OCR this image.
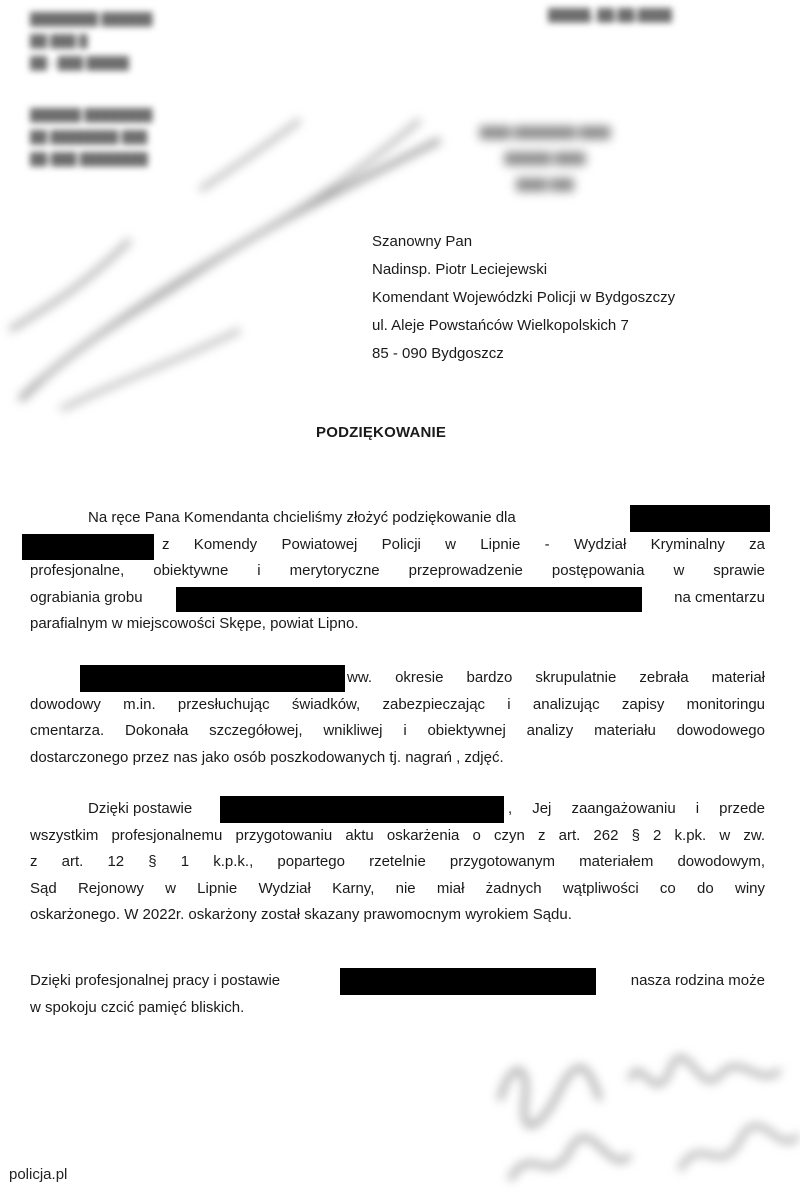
████████ ██████
██ ███ █
██ - ███ █████
██████ ████████
██ ████████ ███
██-███ ████████
█████, ██.██.████
████ ████████ ████
██████ ████
████ ███
Szanowny Pan
Nadinsp. Piotr Leciejewski
Komendant Wojewódzki Policji w Bydgoszczy
ul. Aleje Powstańców Wielkopolskich 7
85 - 090 Bydgoszcz
PODZIĘKOWANIE
Na ręce Pana Komendanta chcieliśmy złożyć podziękowanie dla
z Komendy Powiatowej Policji w Lipnie - Wydział Kryminalny za
profesjonalne, obiektywne i merytoryczne przeprowadzenie postępowania w sprawie
ograbiania grobu	na cmentarzu
parafialnym w miejscowości Skępe, powiat Lipno.
ww. okresie bardzo skrupulatnie zebrała materiał
dowodowy m.in. przesłuchując świadków, zabezpieczając i analizując zapisy monitoringu
cmentarza. Dokonała szczegółowej, wnikliwej i obiektywnej analizy materiału dowodowego
dostarczonego przez nas jako osób poszkodowanych tj. nagrań , zdjęć.
Dzięki postawie	, Jej zaangażowaniu i przede
wszystkim profesjonalnemu przygotowaniu aktu oskarżenia o czyn z art. 262 § 2 k.pk. w zw.
z art. 12 § 1 k.p.k., popartego rzetelnie przygotowanym materiałem dowodowym,
Sąd Rejonowy w Lipnie Wydział Karny, nie miał żadnych wątpliwości co do winy
oskarżonego. W 2022r. oskarżony został skazany prawomocnym wyrokiem Sądu.
Dzięki profesjonalnej pracy i postawie	nasza rodzina może
w spokoju czcić pamięć bliskich.
policja.pl
